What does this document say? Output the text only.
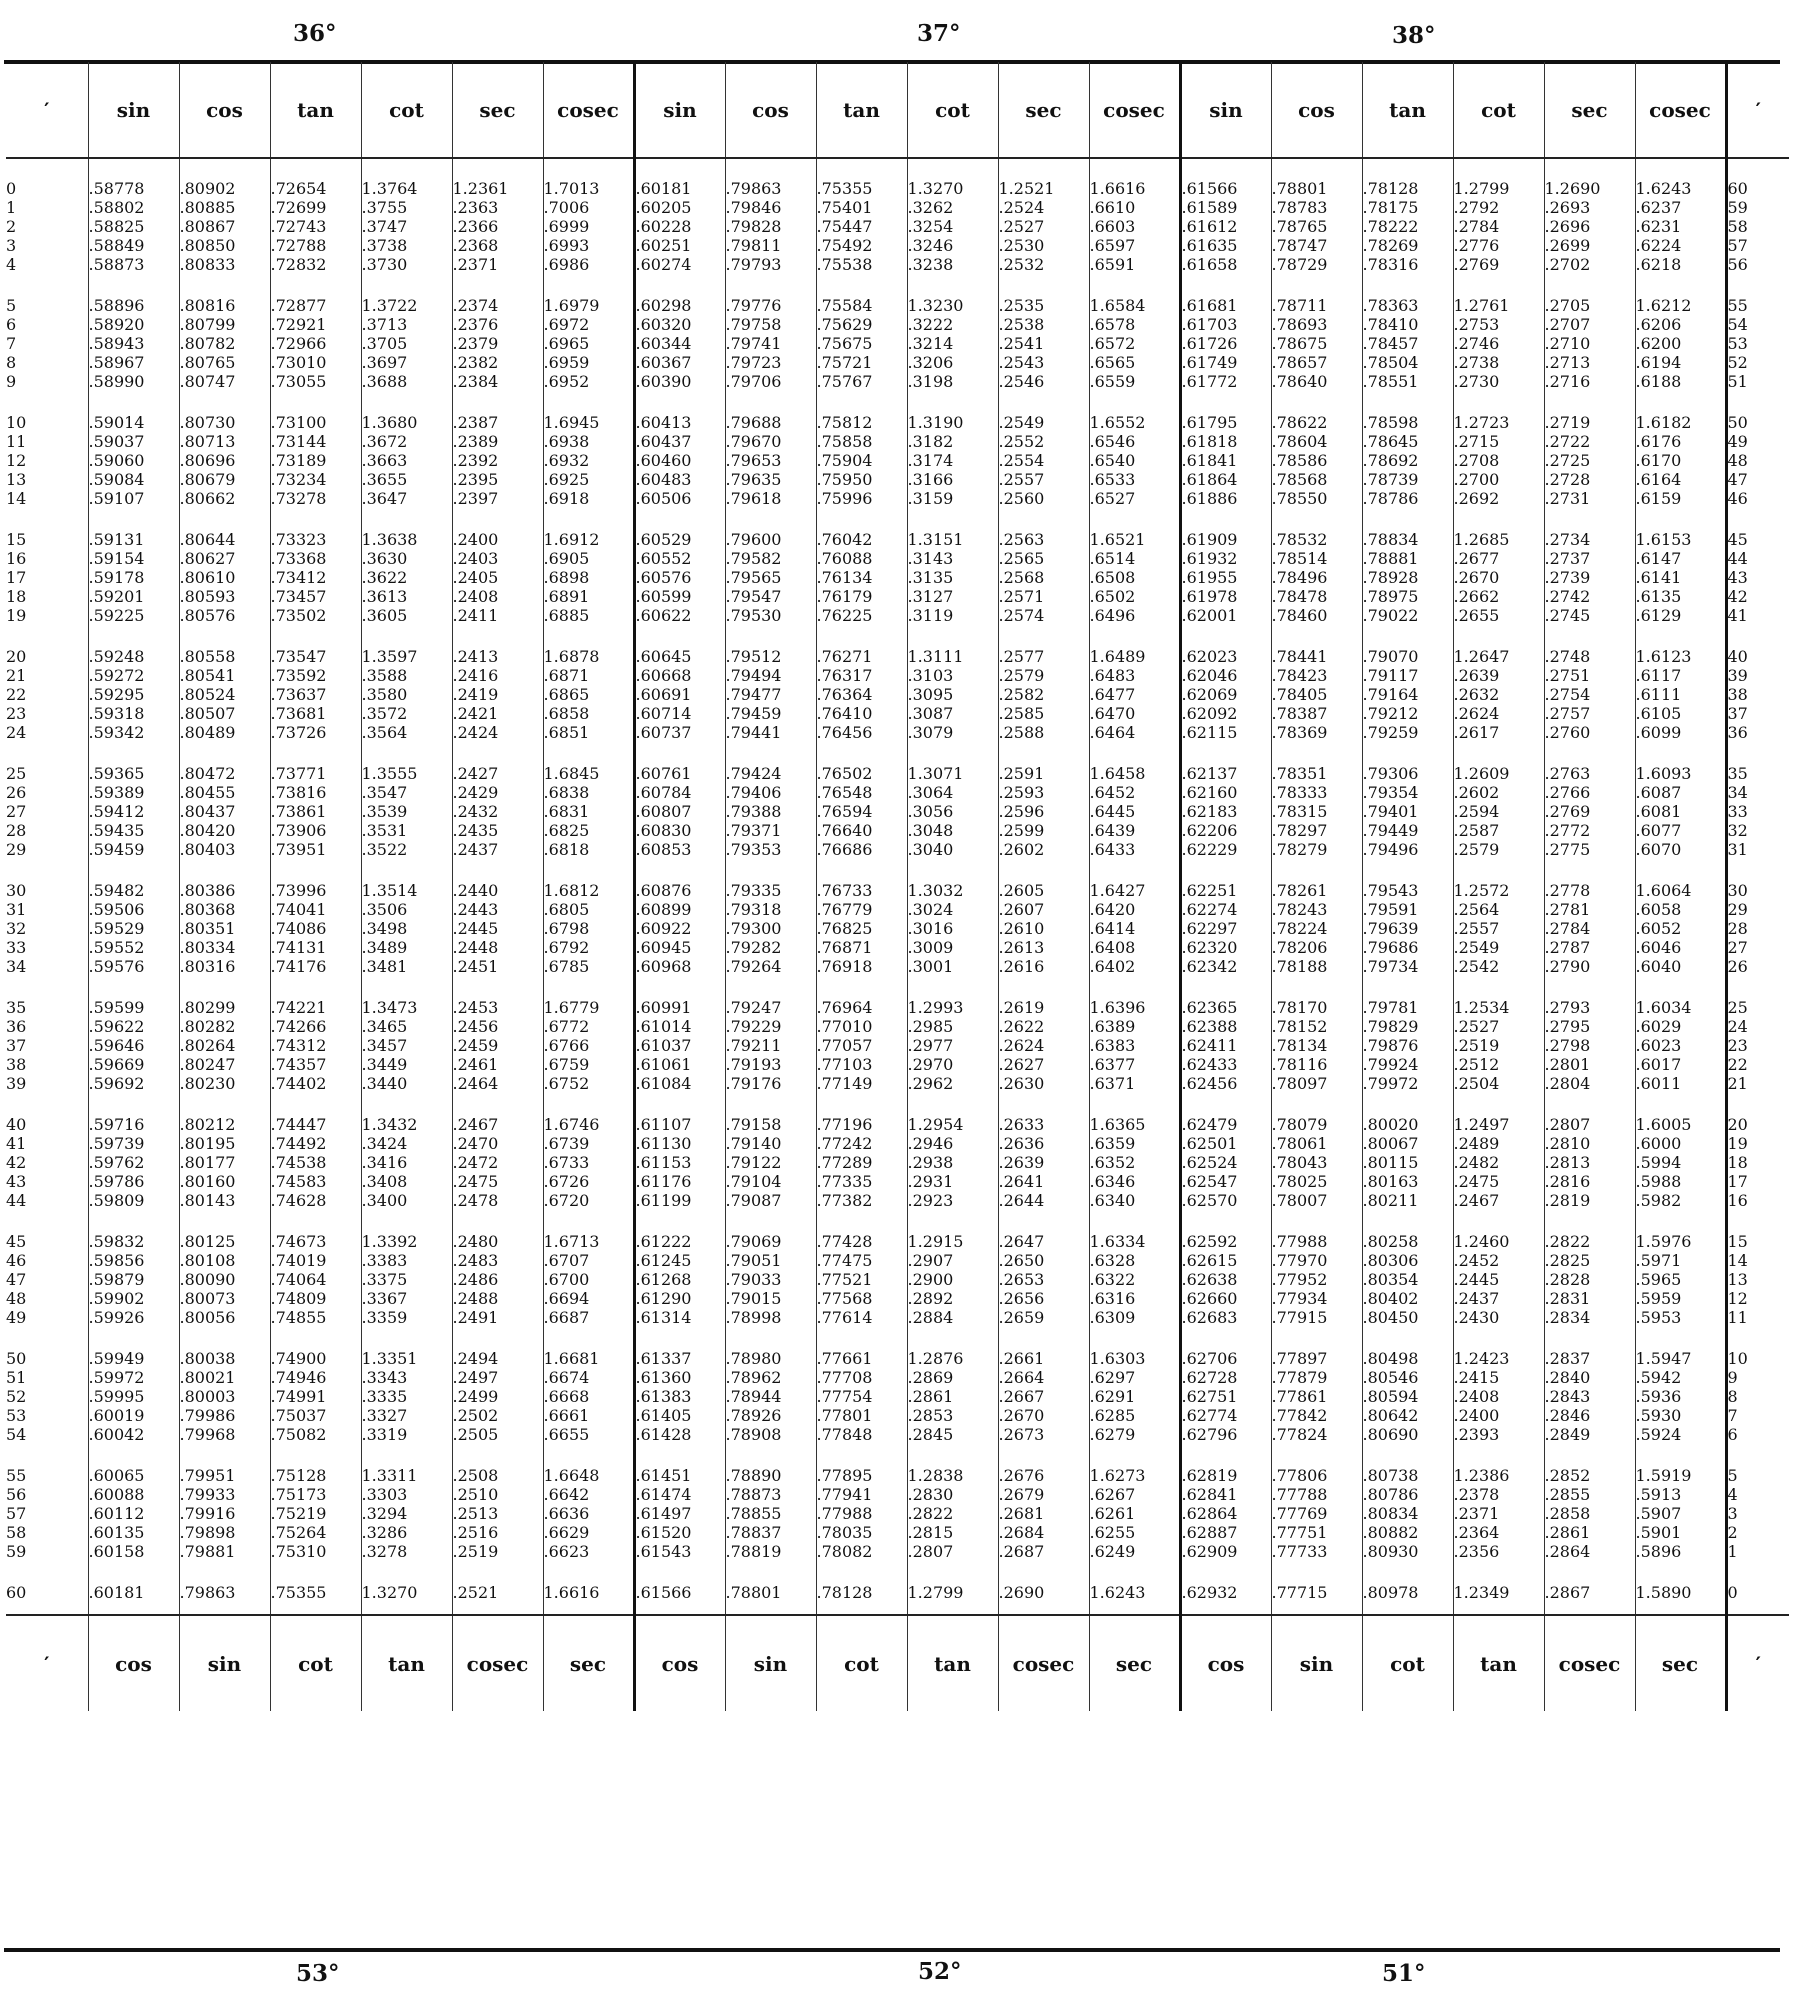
36°	37°	38°
′	sin	cos	tan	cot	sec	cosec	sin	cos	tan	cot	sec	cosec	sin	cos	tan	cot	sec	cosec	′

0	.58778	.80902	.72654	1.3764	1.2361	1.7013	.60181	.79863	.75355	1.3270	1.2521	1.6616	.61566	.78801	.78128	1.2799	1.2690	1.6243	60
1	.58802	.80885	.72699	.3755	.2363	.7006	.60205	.79846	.75401	.3262	.2524	.6610	.61589	.78783	.78175	.2792	.2693	.6237	59
2	.58825	.80867	.72743	.3747	.2366	.6999	.60228	.79828	.75447	.3254	.2527	.6603	.61612	.78765	.78222	.2784	.2696	.6231	58
3	.58849	.80850	.72788	.3738	.2368	.6993	.60251	.79811	.75492	.3246	.2530	.6597	.61635	.78747	.78269	.2776	.2699	.6224	57
4	.58873	.80833	.72832	.3730	.2371	.6986	.60274	.79793	.75538	.3238	.2532	.6591	.61658	.78729	.78316	.2769	.2702	.6218	56

5	.58896	.80816	.72877	1.3722	.2374	1.6979	.60298	.79776	.75584	1.3230	.2535	1.6584	.61681	.78711	.78363	1.2761	.2705	1.6212	55
6	.58920	.80799	.72921	.3713	.2376	.6972	.60320	.79758	.75629	.3222	.2538	.6578	.61703	.78693	.78410	.2753	.2707	.6206	54
7	.58943	.80782	.72966	.3705	.2379	.6965	.60344	.79741	.75675	.3214	.2541	.6572	.61726	.78675	.78457	.2746	.2710	.6200	53
8	.58967	.80765	.73010	.3697	.2382	.6959	.60367	.79723	.75721	.3206	.2543	.6565	.61749	.78657	.78504	.2738	.2713	.6194	52
9	.58990	.80747	.73055	.3688	.2384	.6952	.60390	.79706	.75767	.3198	.2546	.6559	.61772	.78640	.78551	.2730	.2716	.6188	51

10	.59014	.80730	.73100	1.3680	.2387	1.6945	.60413	.79688	.75812	1.3190	.2549	1.6552	.61795	.78622	.78598	1.2723	.2719	1.6182	50
11	.59037	.80713	.73144	.3672	.2389	.6938	.60437	.79670	.75858	.3182	.2552	.6546	.61818	.78604	.78645	.2715	.2722	.6176	49
12	.59060	.80696	.73189	.3663	.2392	.6932	.60460	.79653	.75904	.3174	.2554	.6540	.61841	.78586	.78692	.2708	.2725	.6170	48
13	.59084	.80679	.73234	.3655	.2395	.6925	.60483	.79635	.75950	.3166	.2557	.6533	.61864	.78568	.78739	.2700	.2728	.6164	47
14	.59107	.80662	.73278	.3647	.2397	.6918	.60506	.79618	.75996	.3159	.2560	.6527	.61886	.78550	.78786	.2692	.2731	.6159	46

15	.59131	.80644	.73323	1.3638	.2400	1.6912	.60529	.79600	.76042	1.3151	.2563	1.6521	.61909	.78532	.78834	1.2685	.2734	1.6153	45
16	.59154	.80627	.73368	.3630	.2403	.6905	.60552	.79582	.76088	.3143	.2565	.6514	.61932	.78514	.78881	.2677	.2737	.6147	44
17	.59178	.80610	.73412	.3622	.2405	.6898	.60576	.79565	.76134	.3135	.2568	.6508	.61955	.78496	.78928	.2670	.2739	.6141	43
18	.59201	.80593	.73457	.3613	.2408	.6891	.60599	.79547	.76179	.3127	.2571	.6502	.61978	.78478	.78975	.2662	.2742	.6135	42
19	.59225	.80576	.73502	.3605	.2411	.6885	.60622	.79530	.76225	.3119	.2574	.6496	.62001	.78460	.79022	.2655	.2745	.6129	41

20	.59248	.80558	.73547	1.3597	.2413	1.6878	.60645	.79512	.76271	1.3111	.2577	1.6489	.62023	.78441	.79070	1.2647	.2748	1.6123	40
21	.59272	.80541	.73592	.3588	.2416	.6871	.60668	.79494	.76317	.3103	.2579	.6483	.62046	.78423	.79117	.2639	.2751	.6117	39
22	.59295	.80524	.73637	.3580	.2419	.6865	.60691	.79477	.76364	.3095	.2582	.6477	.62069	.78405	.79164	.2632	.2754	.6111	38
23	.59318	.80507	.73681	.3572	.2421	.6858	.60714	.79459	.76410	.3087	.2585	.6470	.62092	.78387	.79212	.2624	.2757	.6105	37
24	.59342	.80489	.73726	.3564	.2424	.6851	.60737	.79441	.76456	.3079	.2588	.6464	.62115	.78369	.79259	.2617	.2760	.6099	36

25	.59365	.80472	.73771	1.3555	.2427	1.6845	.60761	.79424	.76502	1.3071	.2591	1.6458	.62137	.78351	.79306	1.2609	.2763	1.6093	35
26	.59389	.80455	.73816	.3547	.2429	.6838	.60784	.79406	.76548	.3064	.2593	.6452	.62160	.78333	.79354	.2602	.2766	.6087	34
27	.59412	.80437	.73861	.3539	.2432	.6831	.60807	.79388	.76594	.3056	.2596	.6445	.62183	.78315	.79401	.2594	.2769	.6081	33
28	.59435	.80420	.73906	.3531	.2435	.6825	.60830	.79371	.76640	.3048	.2599	.6439	.62206	.78297	.79449	.2587	.2772	.6077	32
29	.59459	.80403	.73951	.3522	.2437	.6818	.60853	.79353	.76686	.3040	.2602	.6433	.62229	.78279	.79496	.2579	.2775	.6070	31

30	.59482	.80386	.73996	1.3514	.2440	1.6812	.60876	.79335	.76733	1.3032	.2605	1.6427	.62251	.78261	.79543	1.2572	.2778	1.6064	30
31	.59506	.80368	.74041	.3506	.2443	.6805	.60899	.79318	.76779	.3024	.2607	.6420	.62274	.78243	.79591	.2564	.2781	.6058	29
32	.59529	.80351	.74086	.3498	.2445	.6798	.60922	.79300	.76825	.3016	.2610	.6414	.62297	.78224	.79639	.2557	.2784	.6052	28
33	.59552	.80334	.74131	.3489	.2448	.6792	.60945	.79282	.76871	.3009	.2613	.6408	.62320	.78206	.79686	.2549	.2787	.6046	27
34	.59576	.80316	.74176	.3481	.2451	.6785	.60968	.79264	.76918	.3001	.2616	.6402	.62342	.78188	.79734	.2542	.2790	.6040	26

35	.59599	.80299	.74221	1.3473	.2453	1.6779	.60991	.79247	.76964	1.2993	.2619	1.6396	.62365	.78170	.79781	1.2534	.2793	1.6034	25
36	.59622	.80282	.74266	.3465	.2456	.6772	.61014	.79229	.77010	.2985	.2622	.6389	.62388	.78152	.79829	.2527	.2795	.6029	24
37	.59646	.80264	.74312	.3457	.2459	.6766	.61037	.79211	.77057	.2977	.2624	.6383	.62411	.78134	.79876	.2519	.2798	.6023	23
38	.59669	.80247	.74357	.3449	.2461	.6759	.61061	.79193	.77103	.2970	.2627	.6377	.62433	.78116	.79924	.2512	.2801	.6017	22
39	.59692	.80230	.74402	.3440	.2464	.6752	.61084	.79176	.77149	.2962	.2630	.6371	.62456	.78097	.79972	.2504	.2804	.6011	21

40	.59716	.80212	.74447	1.3432	.2467	1.6746	.61107	.79158	.77196	1.2954	.2633	1.6365	.62479	.78079	.80020	1.2497	.2807	1.6005	20
41	.59739	.80195	.74492	.3424	.2470	.6739	.61130	.79140	.77242	.2946	.2636	.6359	.62501	.78061	.80067	.2489	.2810	.6000	19
42	.59762	.80177	.74538	.3416	.2472	.6733	.61153	.79122	.77289	.2938	.2639	.6352	.62524	.78043	.80115	.2482	.2813	.5994	18
43	.59786	.80160	.74583	.3408	.2475	.6726	.61176	.79104	.77335	.2931	.2641	.6346	.62547	.78025	.80163	.2475	.2816	.5988	17
44	.59809	.80143	.74628	.3400	.2478	.6720	.61199	.79087	.77382	.2923	.2644	.6340	.62570	.78007	.80211	.2467	.2819	.5982	16

45	.59832	.80125	.74673	1.3392	.2480	1.6713	.61222	.79069	.77428	1.2915	.2647	1.6334	.62592	.77988	.80258	1.2460	.2822	1.5976	15
46	.59856	.80108	.74019	.3383	.2483	.6707	.61245	.79051	.77475	.2907	.2650	.6328	.62615	.77970	.80306	.2452	.2825	.5971	14
47	.59879	.80090	.74064	.3375	.2486	.6700	.61268	.79033	.77521	.2900	.2653	.6322	.62638	.77952	.80354	.2445	.2828	.5965	13
48	.59902	.80073	.74809	.3367	.2488	.6694	.61290	.79015	.77568	.2892	.2656	.6316	.62660	.77934	.80402	.2437	.2831	.5959	12
49	.59926	.80056	.74855	.3359	.2491	.6687	.61314	.78998	.77614	.2884	.2659	.6309	.62683	.77915	.80450	.2430	.2834	.5953	11

50	.59949	.80038	.74900	1.3351	.2494	1.6681	.61337	.78980	.77661	1.2876	.2661	1.6303	.62706	.77897	.80498	1.2423	.2837	1.5947	10
51	.59972	.80021	.74946	.3343	.2497	.6674	.61360	.78962	.77708	.2869	.2664	.6297	.62728	.77879	.80546	.2415	.2840	.5942	9
52	.59995	.80003	.74991	.3335	.2499	.6668	.61383	.78944	.77754	.2861	.2667	.6291	.62751	.77861	.80594	.2408	.2843	.5936	8
53	.60019	.79986	.75037	.3327	.2502	.6661	.61405	.78926	.77801	.2853	.2670	.6285	.62774	.77842	.80642	.2400	.2846	.5930	7
54	.60042	.79968	.75082	.3319	.2505	.6655	.61428	.78908	.77848	.2845	.2673	.6279	.62796	.77824	.80690	.2393	.2849	.5924	6

55	.60065	.79951	.75128	1.3311	.2508	1.6648	.61451	.78890	.77895	1.2838	.2676	1.6273	.62819	.77806	.80738	1.2386	.2852	1.5919	5
56	.60088	.79933	.75173	.3303	.2510	.6642	.61474	.78873	.77941	.2830	.2679	.6267	.62841	.77788	.80786	.2378	.2855	.5913	4
57	.60112	.79916	.75219	.3294	.2513	.6636	.61497	.78855	.77988	.2822	.2681	.6261	.62864	.77769	.80834	.2371	.2858	.5907	3
58	.60135	.79898	.75264	.3286	.2516	.6629	.61520	.78837	.78035	.2815	.2684	.6255	.62887	.77751	.80882	.2364	.2861	.5901	2
59	.60158	.79881	.75310	.3278	.2519	.6623	.61543	.78819	.78082	.2807	.2687	.6249	.62909	.77733	.80930	.2356	.2864	.5896	1

60	.60181	.79863	.75355	1.3270	.2521	1.6616	.61566	.78801	.78128	1.2799	.2690	1.6243	.62932	.77715	.80978	1.2349	.2867	1.5890	0

′	cos	sin	cot	tan	cosec	sec	cos	sin	cot	tan	cosec	sec	cos	sin	cot	tan	cosec	sec	′
53°	52°	51°
